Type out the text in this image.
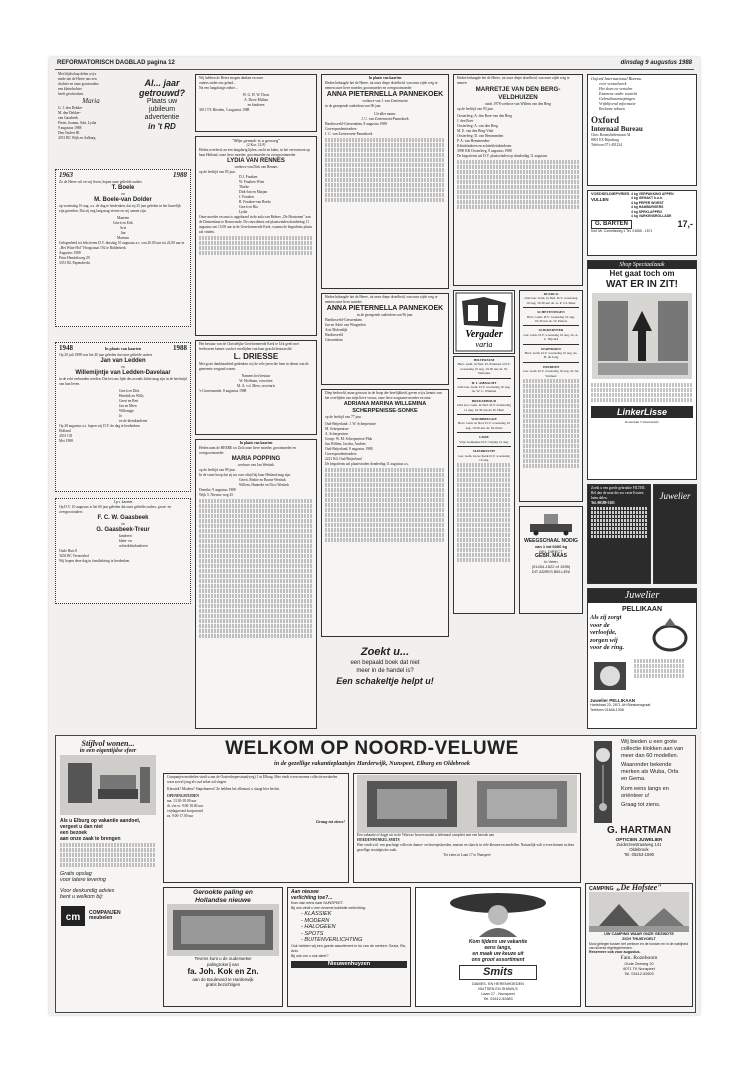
REFORMATORISCH DAGBLAD pagina 12	dinsdag 9 augustus 1988
Met blijdschap delen wij u
mede dat de Heere ons een
dochter en onze grootouders
een kleindochter
heeft geschonken.
Maria
G. J. den Dekker
M. den Dekker-
van Gaasbeek
Pieter, Joanna, Adri, Lydia
9 augustus 1988
Den Oudert 80
4551 BC Wijk en Aalburg
Al... jaar
getrouwd?
Plaats uw
jubileum
advertentie
in 't RD
1963	1988
Zo de Heere wil en wij leven, hopen onze geliefde ouders
T. Boele
en
M. Boele-van Dolder
op woensdag 10 aug. a.s. de dag te herdenken, dat zij 25 jaar geleden in het huwelijk zijn getreden. Dat zij nog lang mag vieren en wij samen zijn.
Maarten
Gerrit en Erik
Arie
Jan
Marinus
Gelegenheid tot feliciteren D.V. dinsdag 10 augustus a.s. van 20.00 uur tot 22.00 uur in „Het Witte Hof" Hoogstraat 192 te Ridderkerk
Augustus 1988
Prins Hendrikweg 29
3351 BL Papendrecht
1948	In plaats van kaarten	1988
Op 20 juli 1988 was het 40 jaar geleden dat onze geliefde ouders
Jan van Ledden
en
Willemijntje van Ledden-Davelaar
in de echt verbonden werden. Dat het ons lijde des avonds lichte mag zijn in de herfsttijd van hun leven.
Gerrit en Dirk
Hendrik en Willy
Geert en Bert
Jan en Mien
Willempje
Jo
en de kleinkinderen
Op 28 augustus a.s. hopen wij D.V. de dag te herdenken.
Holland
4301 CD
Mei 1988
I.p.v. kaarten
Op D.V. 10 augustus is het 60 jaar geleden dat onze geliefde ouders, groot- en overgrootouders
F. C. W. Gaasbeek
en
G. Gaasbeek-Treur
kinderen
klein- en
achterkleinkinderen
Oude Huis 8
3204 BC Vernoeshof
Wij hopen deze dag in familiekring te herdenken.
Wij hebben de Heere mogen danken en onze
ouders onder ons gehad...
Na een langdurige ziekte...
W. G. H. W. Drost
A. Drost-Mallan
en kinderen
3811 TX Hierden, 5 augustus 1988
"Mijn genade is u genoeg"
(2 Kor. 12:9)
Heden overleed, na een langdurig lijden, zacht en kalm, in het vertrouwen op haar Heiland, onze lieve moeder, grootmoeder en overgrootmoeder
LYDIA VAN RENNES
weduwe van Dirk van Rennes
op de leeftijd van 85 jaar.
D.J. Fraaken
W. Fraaken-Wien
Thieke
Dirk-Jan en Marjan
J. Fraaken
B. Fraaken-van Breda
Gerrit en Ria
Lydia
Onze moeder en oma is opgebaard in de aula van Beheer „De Horstenen" aan de Dennenlaan te Renswoude. De rouwdienst zal plaatsvinden donderdag 11 augustus om 13.00 uur in de Gereformeerde Kerk, waarna de begrafenis plaats zal vinden.
Het bestuur van de Christelijke Gereformeerde Kerk te Urk geeft met leedwezen kennis van het overlijden van haar geacht bestuurslid
L. DRIESSE
Met grote dankbaarheid gedenken wij de vele jaren die hem in dienst van de gemeente vergund waren.
Namens het bestuur
W. Hoffman, voorzitter
M. A. v.d. Meer, secretaris
's-Gravenzande, 8 augustus 1988
In plaats van kaarten
Heden nam de HEERE tot Zich onze lieve moeder, grootmoeder en overgrootmoeder
MARIA POPPING
weduwe van Jan Westink
op de leeftijd van 89 jaar.
In de vaste hoop dat zij nu voor altijd bij haar Heiland mag zijn.
Gerrit, Riekie en Bonne Westink
Willem, Hanneke en Nico Westink
Drenthe, 9 augustus 1988
Wijk 5, Nieuwe weg 45
In plaats van kaarten
Heden behaagde het de Heere, tot onze diepe droefheid, van onze zijde weg te nemen onze lieve moeder, grootmoeder en overgrootmoeder
ANNA PIETERNELLA PANNEKOEK
weduwe van J. van Zoetenwent
in de gezegende ouderdom van 96 jaar.
Uit aller naam:
J. C. van Zoetenwent-Pannekoek
Hardinxveld-Giessendam, 8 augustus 1988
Correspondentieadres:
J. C. van Zoetenwent-Pannekoek
Heden behaagde het de Heere, tot onze diepe droefheid, van onze zijde weg te nemen onze lieve moeder
ANNA PIETERNELLA PANNEKOEK
in de gezegende ouderdom van 96 jaar.
Hardinxveld-Giessendam
Jan en Adrie van Wingerden
Arie Molendijk
Hardinxveld
Giessendam
Diep bedroefd, maar getroost in de hoop der heerlijkheid, geven wij u kennis van het overlijden van mijn lieve vrouw, onze lieve zorgzame moeder en oma
ADRIANA MARINA WILLEMINA SCHERPENISSE-SONKE
op de leeftijd van 77 jaar.
Oud-Beijerland: J. W. Scherpenisse
M. Scherpenisse
A. Scherpenisse
Groep: W. M. Scherpenisse-Fluk
Jan Willem, Jacoba, Andries
Oud-Beijerland, 8 augustus 1988
Correspondentieadres:
2221 KG Oud-Beijerland
De begrafenis zal plaatsvinden donderdag 11 augustus a.s.
Zoekt u...
een bepaald boek dat niet
meer in de handel is?
Een schakeltje helpt u!
Heden behaagde het de Heere, tot onze diepe droefheid, van onze zijde weg te nemen
MARRETJE VAN DEN BERG-VELDHUIZEN
sinds 1978 weduwe van Willem van den Berg
op de leeftijd van 93 jaar.
Oosterleeg: A. den Boer-van den Berg
J. den Boer
Oosterleeg: A. van den Berg
M. E. van den Berg-Vink
Oosterleeg: D. van Hemmenden
P. A. van Hemmenden-
Kleinkinderen en achterkleinkinderen
3990 KR Oosterleeg, 8 augustus 1988
De begrafenis zal D.V. plaatsvinden op donderdag 11 augustus.
Vergader
varia
HILVERSUM
Herv. Gem. in Ned. Pr. Parkzaal 4 D.V. woensdag 10 aug. 19.30 uur ds. W. Verhoeks
H. I. AMBACHT
Oud Ger. Gem. D.V. woensdag 10 aug. ds. W. C. Wieman
BRUKSEHOUD
Oud Ger. Gem. in Ned. D.V. donderdag 11 aug. 19.30 uur ds. B. Hunt
WOUDBRUGGE
Herv. Gem. in Ned. D.V. woensdag 10 aug. 19.30 uur ds. M. Prins
LISSE
Vrije Gemeente D.V. vrijdag 12 aug.
SLIEDRECHT
Ger. Gem. Grote Kerk D.V. woensdag 10 aug.
RUURLO
Oud Ger. Gem. in Ned. D.V. woensdag 10 aug. 19.30 uur ds. A. P. v.d. Meer
SCHEVENINGEN
Herv. Gem. D.V. woensdag 10 aug. 19.30 uur ds. W. Pieters
SLIKKERVEER
Ger. Gem. D.V. woensdag 10 aug. ds. A. C. Nijveld
STAPHORST
Herv. Gem. D.V. woensdag 10 aug. ds. H. de Jong
WIERDEN
Ger. Gem. D.V. woensdag 10 aug. ds. M. Vermeer
WEEGSCHAAL NODIG
van 1 tot 6000 kg
BEL DIRECT
GEBR. MAAS
in Veen
(01454-1522 of 1595)
DIT ADRES BELLEN!
Zoekt u een goede gebruikte FILTER. Bel dan de man die uw vaste Kosten laten dalen.
Tel. 00589-3101
Oxford International Bureau
voor vertaalwerk
Het doen en vertalen
Examens onder toezicht
Gebruiksaanwijzingen
Vrijblijvend informatie
Reclame teksten
Oxford
Internaal Bureau
Chris Boomsliederstraat 34
8801 EX Rijnsburg
Telefoon 071-401234
VOEDSELDIEPVRIES
VULLEN
4 kg VERPAKKING APPEN
4 kg GEHAKT h.o.h.
4 kg PEPER WORST
4 kg HAMBURGERS
4 kg SPEKLAPPEN
4 kg VARKENSROLLADE
G. BARTEN	17,-
Kort Mr. Cornelisweg 1 Tel. 01855 - 1571
Shop Speciaalzaak
Het gaat toch om
WAT ER IN ZIT!
LinkerLisse
Rotterdam 5 Westlandsfo
Juwelier
Juwelier
PELLIKAAN
Als zij zorgt
voor de
verloofde,
zorgen wij
voor de ring.
Juwelier PELLIKAAN
Hartstraat 23, 2871 AH Bleskensgraaf
Telefoon 01848-1308
Stijlvol wonen...
in een eigentijdse sfeer
Als u Elburg op vakantie aandoet,
vergeet u dan niet
een bezoek
aan onze zaak te brengen
Gratis opslag
voor latere levering
Voor deskundig advies
bent u welkom bij:
cm COMPANJEN
meubelen
WELKOM OP NOORD-VELUWE
in de gezellige vakantieplaatsjes Harderwijk, Nunspeet, Elburg en Oldebroek
Companjen meubelen vindt u aan de Oosterdorperstraat(weg) 1 in Elburg. Hier vindt u een enorme collectie meubelen waar zowel jong als oud zeker zal slagen.
Klassiek? Modern? Stapelmeren? Ze hebben het allemaal, u slaagt hier beslist.
OPENINGSTIJDEN
ma. 13.30-18.00 uur
di. t/m vr. 9.00-18.00 uur
vrijdagavond koopavond
za. 9.00-17.00 uur
Graag tot ziens!
Een vakantie of dagje uit in de Veluwse bossen maakt u helemaal compleet met een bezoek aan
HOEDENWINKEL SMITS
Hier vindt u nl. een prachtige collectie dames- en herenjashoeden, mutsen en shawls in vele kleuren en modellen. Natuurlijk wilt u even binnen in deze gezellige nostalgische zaak.
Tot ziens in Laan 17 te Nunspeet
Wij bieden u een grote
collectie klokken aan van
meer dan 60 modellen.
Waaronder bekende
merken als Wuba, Orfa
en Gema.
Kom eens langs en
oriënteer u!
Graag tot ziens.
G. HARTMAN
OPTICIEN JUWELIER
Zuiderzeestraatweg 141
Oldebroek
Tel. 05253-1590
Gerookte paling en
Hollandse nieuwe
Tevens kunt u de ouderwetse
palingrokerij van
fa. Joh. Kok en Zn.
aan de Boulevard te Harderwijk
gratis bezichtigen
Aan nieuwe
verlichting toe?...
Kom dan eens naar NUNSPEET.
Bij ons vindt u een enorme kollektie verlichting:
- KLASSIEK
- MODERN
- HALOGEEN
- SPOTS
- BUITENVERLICHTING
Ook hebben wij een goede assortiment in tui van de merken: Gezia, Ric, Anic.
Bij ook om u ook aleer?
Nieuwenhuyzen
Kom tijdens uw vakantie
eens langs,
en maak uw keuze uit
ons groot assortiment
Smits
DAMES- EN HERENHOEDEN
MUTSEN EN SHAWLS
Laan 17 - Nunspeet
Tel. 03412-52683
CAMPING „De Hofstee"
UW CAMPING WAAR ONZE GEZINDTE
ZICH THUISVOELT
Mooi gelegen tussen het centrum en de bossen en in de nabijheid van diverse ritgelegenheden.
Reserveer ook voor augustus.
Fam. Rozeboom
Oude Zeeweg 20
8071 TK Nunspeet
Tel. 03412-52603
